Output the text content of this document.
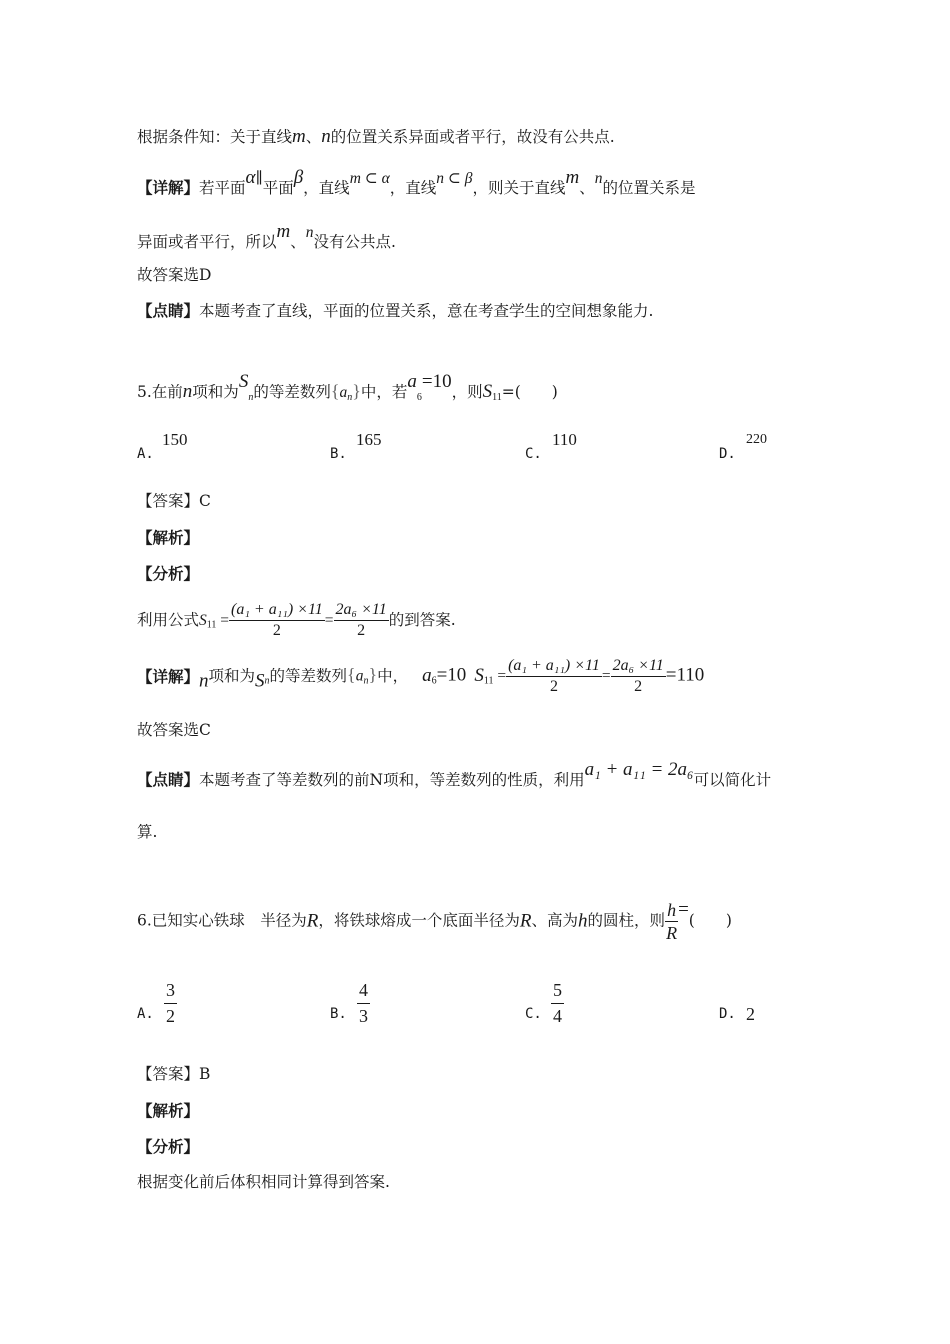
根据条件知：关于直线m、n的位置关系异面或者平行，故没有公共点.
【详解】若平面α∥平面β，直线m ⊂ α，直线n ⊂ β，则关于直线m、n的位置关系是
异面或者平行，所以m、n没有公共点.
故答案选D
【点睛】本题考查了直线，平面的位置关系，意在考查学生的空间想象能力.
5.在前n项和为$S_n$的等差数列$\{a_n\}$中，若$a_6=10$，则$S_{11}=$(　　)
A.
150
B.
165
C.
110
D.
220
【答案】C
【解析】
【分析】
利用公式$S_{11} = \frac{\text{(a₁ + a₁₁) ×11}}{2} = \frac{\text{2a₆ ×11}}{2}$ 的到答案.
【详解】n项和为$S_n$的等差数列$\{a_n\}$中， $a_6=10$ $S_{11} = \frac{\text{(a₁ + a₁₁) ×11}}{2} = \frac{\text{2a₆ ×11}}{2} =110$
故答案选C
【点睛】本题考查了等差数列的前N项和，等差数列的性质，利用a₁ + a₁₁ = 2a₆可以简化计
算.
6.已知实心铁球　半径为R，将铁球熔成一个底面半径为R、高为h的圆柱，则 $\frac{h}{R}$ =(　　)
A. $\frac{3}{2}$	B. $\frac{4}{3}$	C. $\frac{5}{4}$	D. 2
【答案】B
【解析】
【分析】
根据变化前后体积相同计算得到答案.
